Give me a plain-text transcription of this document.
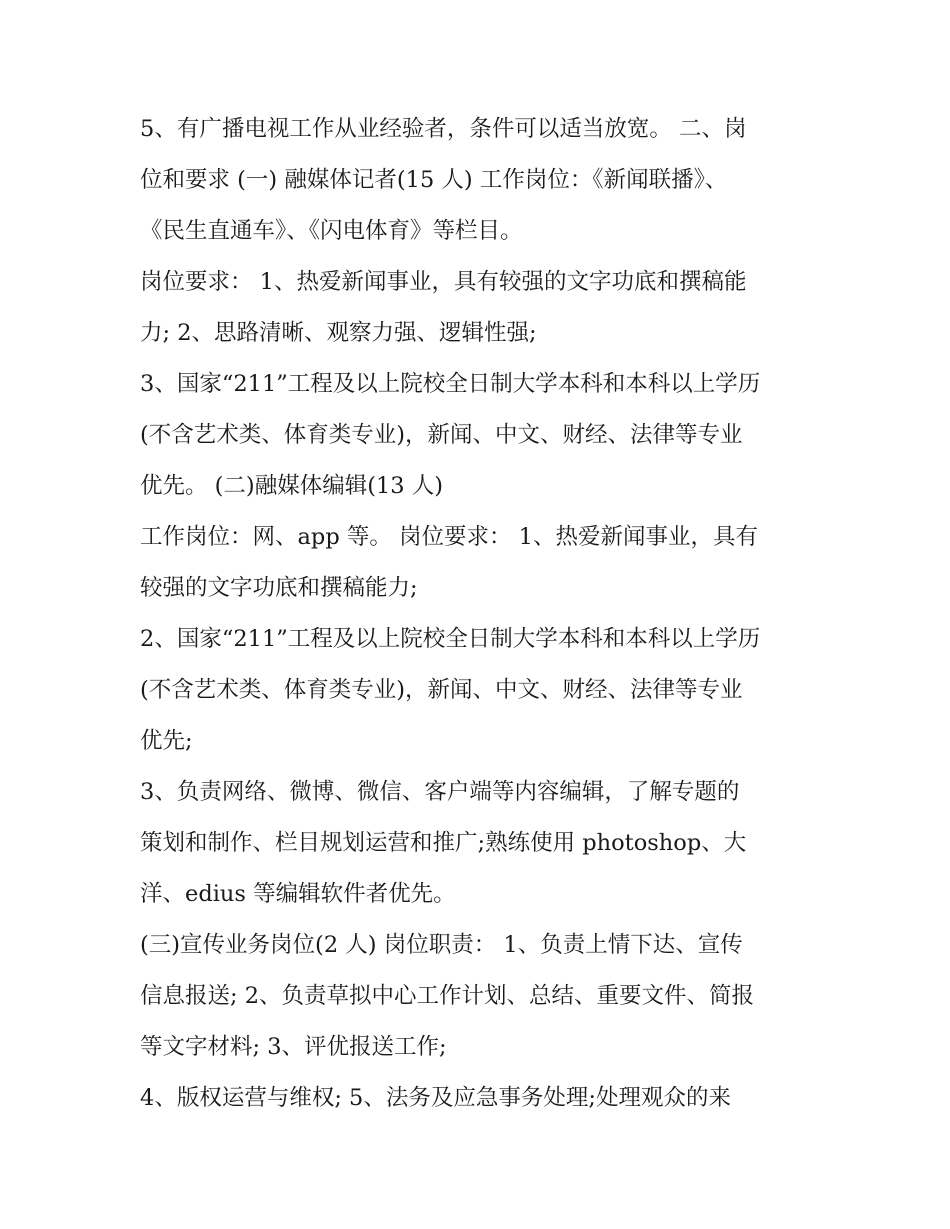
5、有广播电视工作从业经验者，条件可以适当放宽。 二、岗
位和要求 (一) 融媒体记者(15 人) 工作岗位：《新闻联播》、
《民生直通车》、《闪电体育》等栏目。

岗位要求： 1、热爱新闻事业，具有较强的文字功底和撰稿能
力; 2、思路清晰、观察力强、逻辑性强;

3、国家“211”工程及以上院校全日制大学本科和本科以上学历
(不含艺术类、体育类专业)，新闻、中文、财经、法律等专业
优先。 (二)融媒体编辑(13 人)

工作岗位：网、app 等。 岗位要求： 1、热爱新闻事业，具有
较强的文字功底和撰稿能力;

2、国家“211”工程及以上院校全日制大学本科和本科以上学历
(不含艺术类、体育类专业)，新闻、中文、财经、法律等专业
优先;

3、负责网络、微博、微信、客户端等内容编辑，了解专题的
策划和制作、栏目规划运营和推广;熟练使用 photoshop、大
洋、edius 等编辑软件者优先。

(三)宣传业务岗位(2 人) 岗位职责： 1、负责上情下达、宣传
信息报送; 2、负责草拟中心工作计划、总结、重要文件、简报
等文字材料; 3、评优报送工作;

4、版权运营与维权; 5、法务及应急事务处理;处理观众的来
